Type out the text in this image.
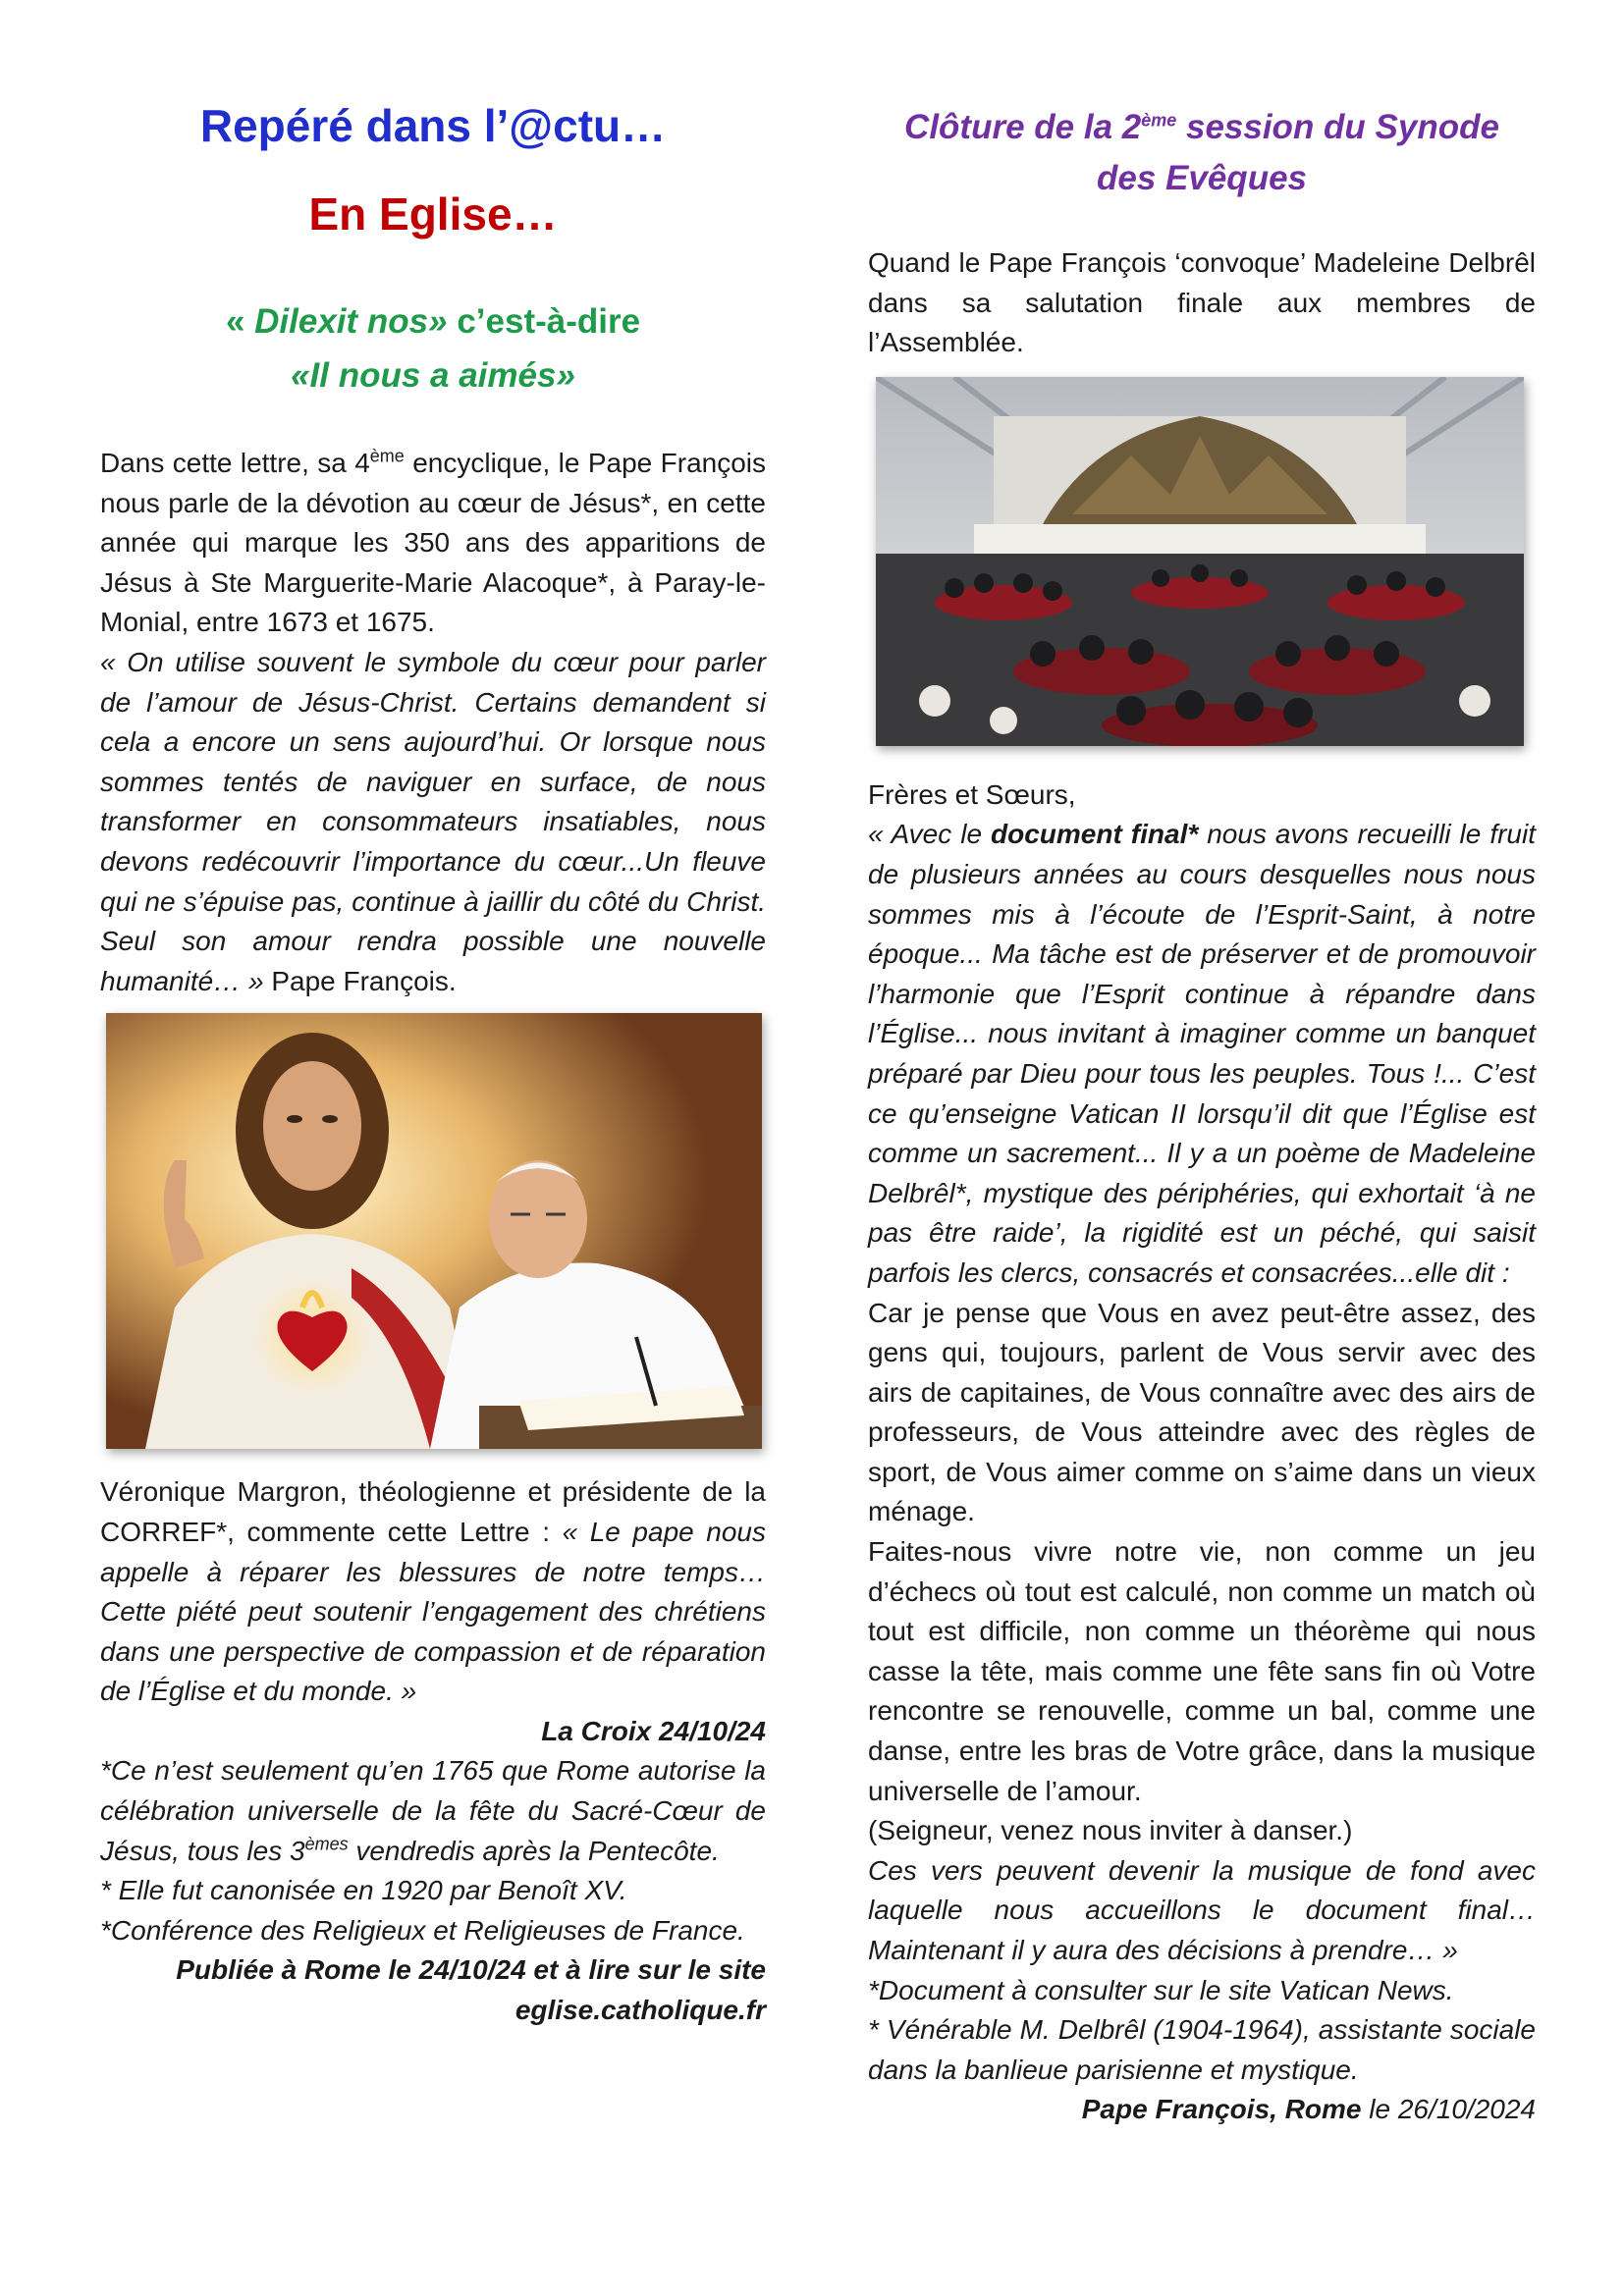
Repéré dans l’@ctu…
En Eglise…
« Dilexit nos» c’est-à-dire
«Il nous a aimés»

Dans cette lettre, sa 4ème encyclique, le Pape François nous parle de la dévotion au cœur de Jésus*, en cette année qui marque les 350 ans des apparitions de Jésus à Ste Marguerite-Marie Alacoque*, à Paray-le-Monial, entre 1673 et 1675.
« On utilise souvent le symbole du cœur pour parler de l’amour de Jésus-Christ. Certains demandent si cela a encore un sens aujourd’hui. Or lorsque nous sommes tentés de naviguer en surface, de nous transformer en consommateurs insatiables, nous devons redécouvrir l’importance du cœur...Un fleuve qui ne s’épuise pas, continue à jaillir du côté du Christ. Seul son amour rendra possible une nouvelle humanité… » Pape François.

Véronique Margron, théologienne et présidente de la CORREF*, commente cette Lettre : « Le pape nous appelle à réparer les blessures de notre temps… Cette piété peut soutenir l’engagement des chrétiens dans une perspective de compassion et de réparation de l’Église et du monde. »

La Croix 24/10/24

*Ce n’est seulement qu’en 1765 que Rome autorise la célébration universelle de la fête du Sacré-Cœur de Jésus, tous les 3èmes vendredis après la Pentecôte.

* Elle fut canonisée en 1920 par Benoît XV.

*Conférence des Religieux et Religieuses de France.

Publiée à Rome le 24/10/24 et à lire sur le site

eglise.catholique.fr

Clôture de la 2ème session du Synode
des Evêques

Quand le Pape François ‘convoque’ Madeleine Delbrêl dans sa salutation finale aux membres de l’Assemblée.

Frères et Sœurs,

« Avec le document final* nous avons recueilli le fruit de plusieurs années au cours desquelles nous nous sommes mis à l’écoute de l’Esprit-Saint, à notre époque... Ma tâche est de préserver et de promouvoir l’harmonie que l’Esprit continue à répandre dans l’Église... nous invitant à imaginer comme un banquet préparé par Dieu pour tous les peuples. Tous !... C’est ce qu’enseigne Vatican II lorsqu’il dit que l’Église est comme un sacrement... Il y a un poème de Madeleine Delbrêl*, mystique des périphéries, qui exhortait ‘à ne pas être raide’, la rigidité est un péché, qui saisit parfois les clercs, consacrés et consacrées...elle dit :

Car je pense que Vous en avez peut-être assez, des gens qui, toujours, parlent de Vous servir avec des airs de capitaines, de Vous connaître avec des airs de professeurs, de Vous atteindre avec des règles de sport, de Vous aimer comme on s’aime dans un vieux ménage.

Faites-nous vivre notre vie, non comme un jeu d’échecs où tout est calculé, non comme un match où tout est difficile, non comme un théorème qui nous casse la tête, mais comme une fête sans fin où Votre rencontre se renouvelle, comme un bal, comme une danse, entre les bras de Votre grâce, dans la musique universelle de l’amour.

(Seigneur, venez nous inviter à danser.)

Ces vers peuvent devenir la musique de fond avec laquelle nous accueillons le document final… Maintenant il y aura des décisions à prendre… »

*Document à consulter sur le site Vatican News.

* Vénérable M. Delbrêl (1904-1964), assistante sociale dans la banlieue parisienne et mystique.

Pape François, Rome le 26/10/2024
